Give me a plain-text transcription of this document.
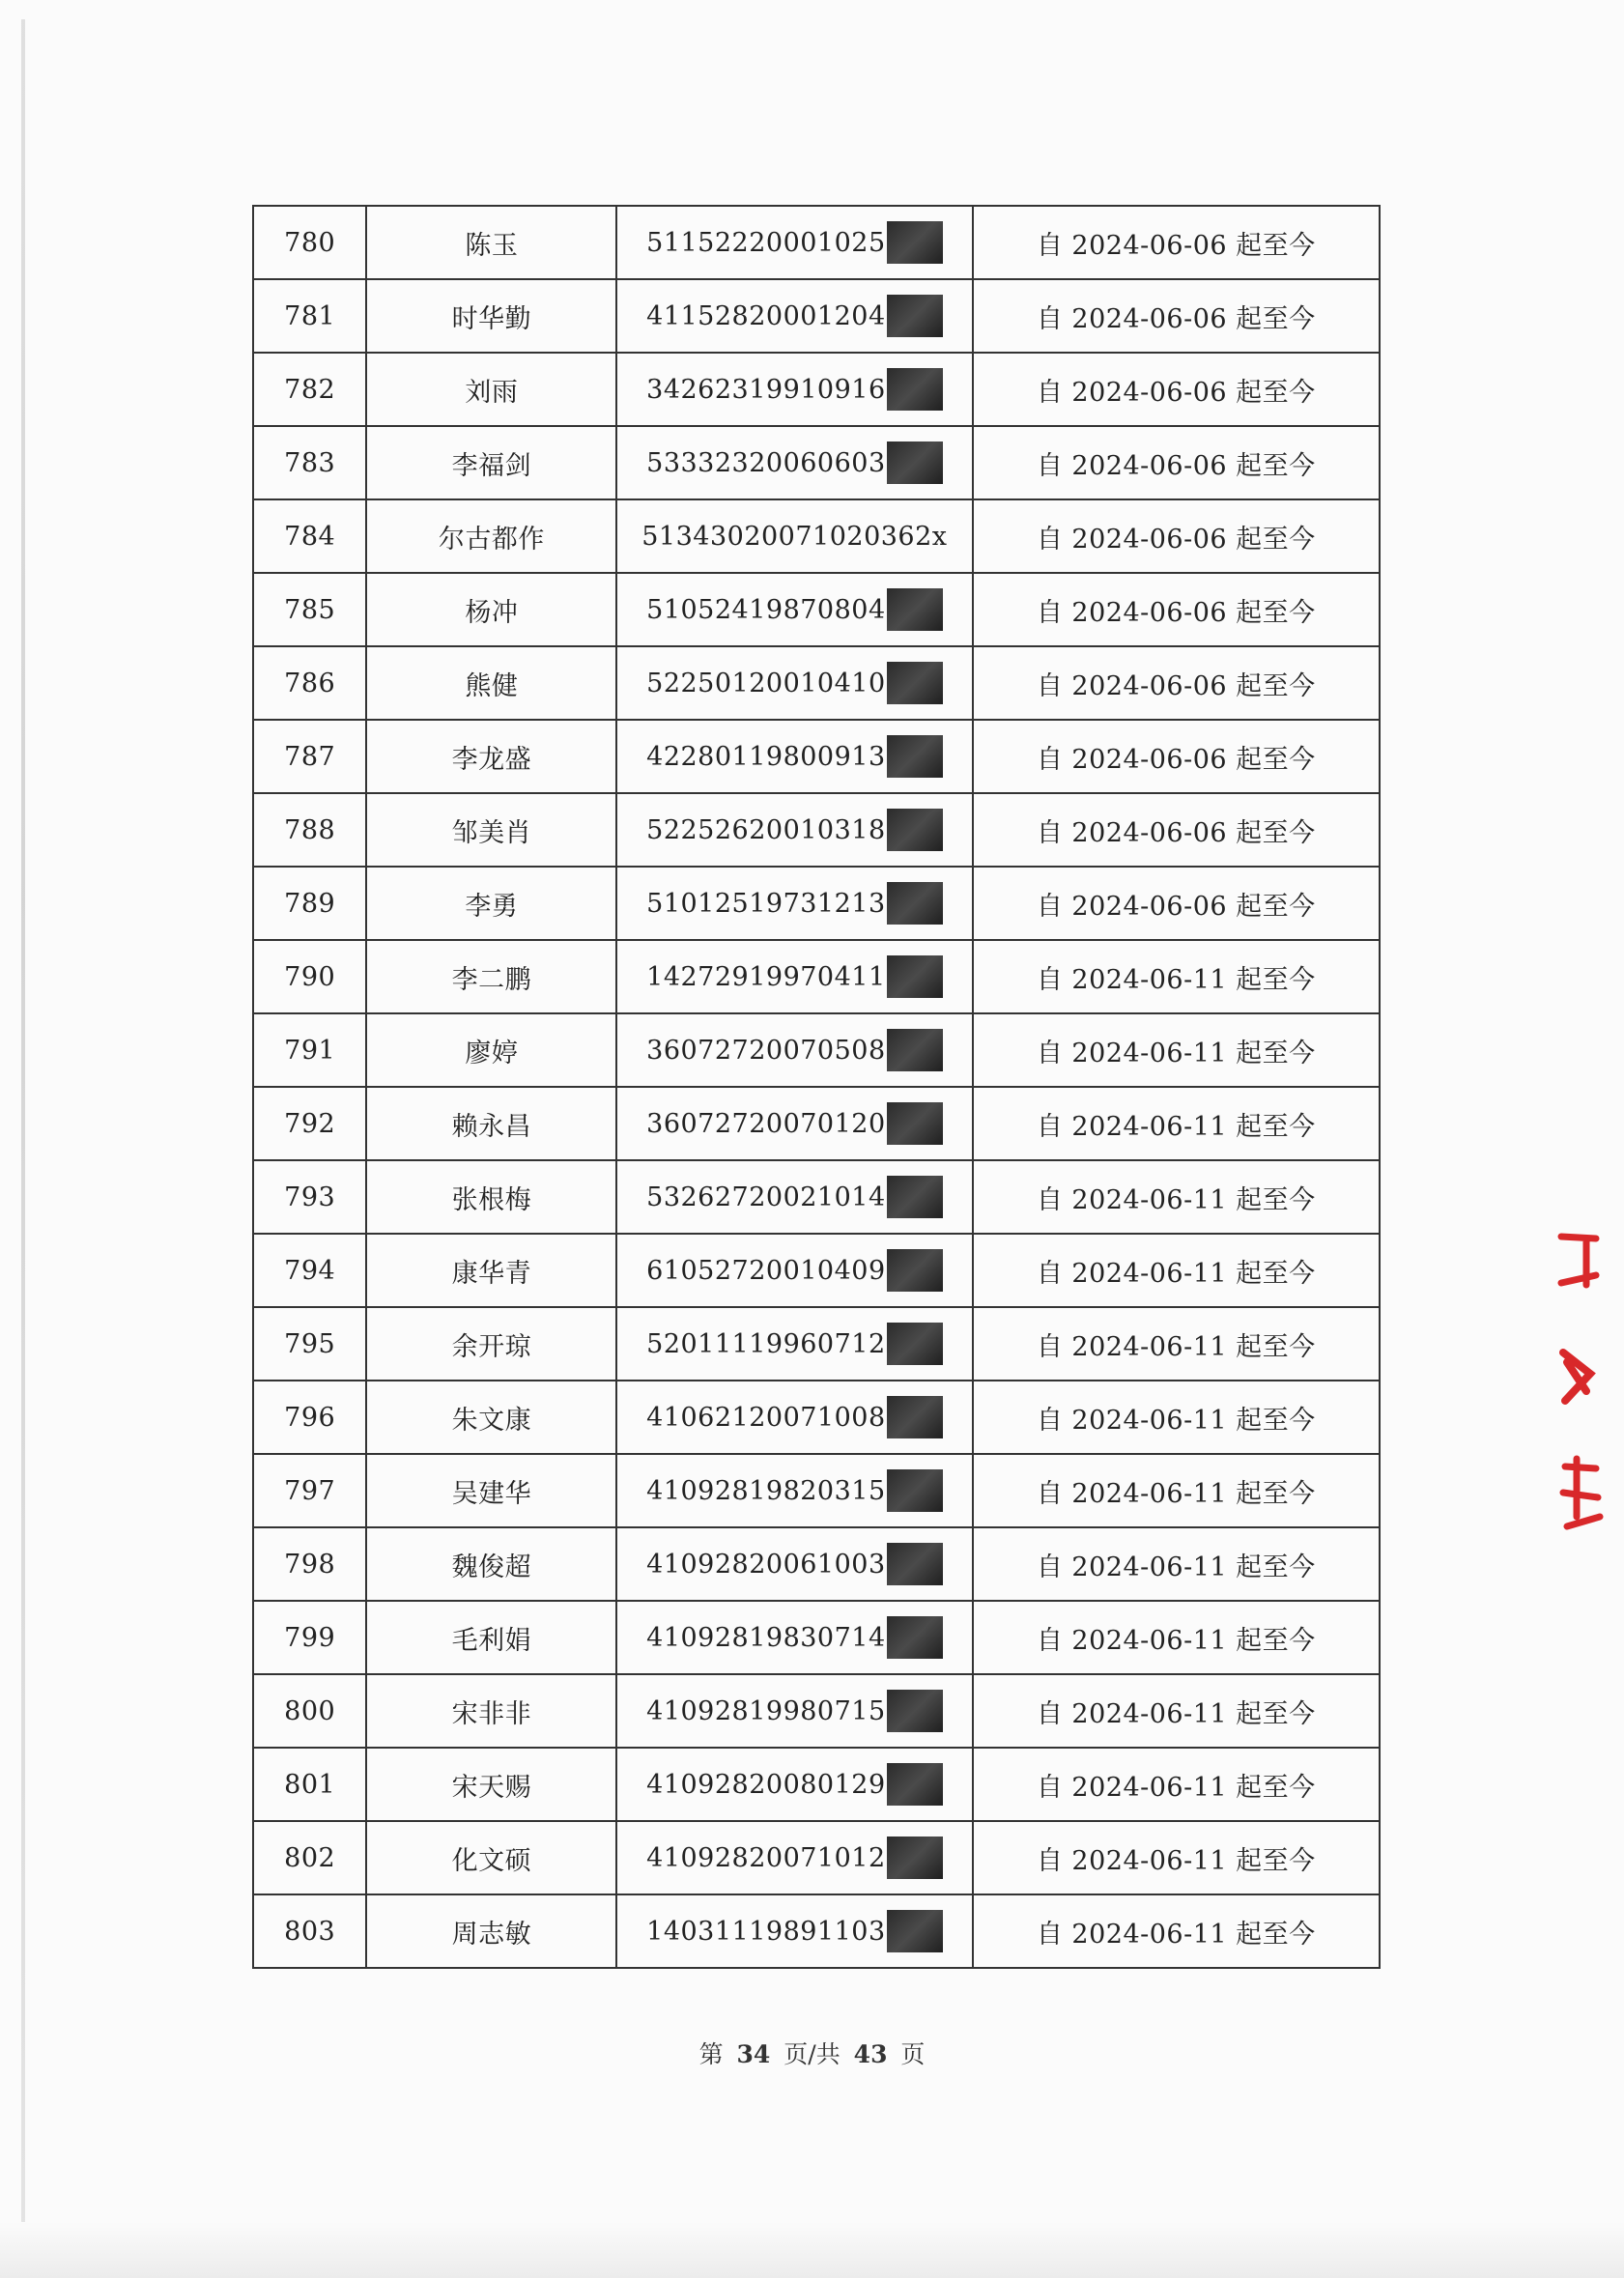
780	陈玉	51152220001025	自 2024-06-06 起至今
781	时华勤	41152820001204	自 2024-06-06 起至今
782	刘雨	34262319910916	自 2024-06-06 起至今
783	李福剑	53332320060603	自 2024-06-06 起至今
784	尔古都作	51343020071020362x	自 2024-06-06 起至今
785	杨冲	51052419870804	自 2024-06-06 起至今
786	熊健	52250120010410	自 2024-06-06 起至今
787	李龙盛	42280119800913	自 2024-06-06 起至今
788	邹美肖	52252620010318	自 2024-06-06 起至今
789	李勇	51012519731213	自 2024-06-06 起至今
790	李二鹏	14272919970411	自 2024-06-11 起至今
791	廖婷	36072720070508	自 2024-06-11 起至今
792	赖永昌	36072720070120	自 2024-06-11 起至今
793	张根梅	53262720021014	自 2024-06-11 起至今
794	康华青	61052720010409	自 2024-06-11 起至今
795	余开琼	52011119960712	自 2024-06-11 起至今
796	朱文康	41062120071008	自 2024-06-11 起至今
797	吴建华	41092819820315	自 2024-06-11 起至今
798	魏俊超	41092820061003	自 2024-06-11 起至今
799	毛利娟	41092819830714	自 2024-06-11 起至今
800	宋非非	41092819980715	自 2024-06-11 起至今
801	宋天赐	41092820080129	自 2024-06-11 起至今
802	化文硕	41092820071012	自 2024-06-11 起至今
803	周志敏	14031119891103	自 2024-06-11 起至今
第 34 页/共 43 页
